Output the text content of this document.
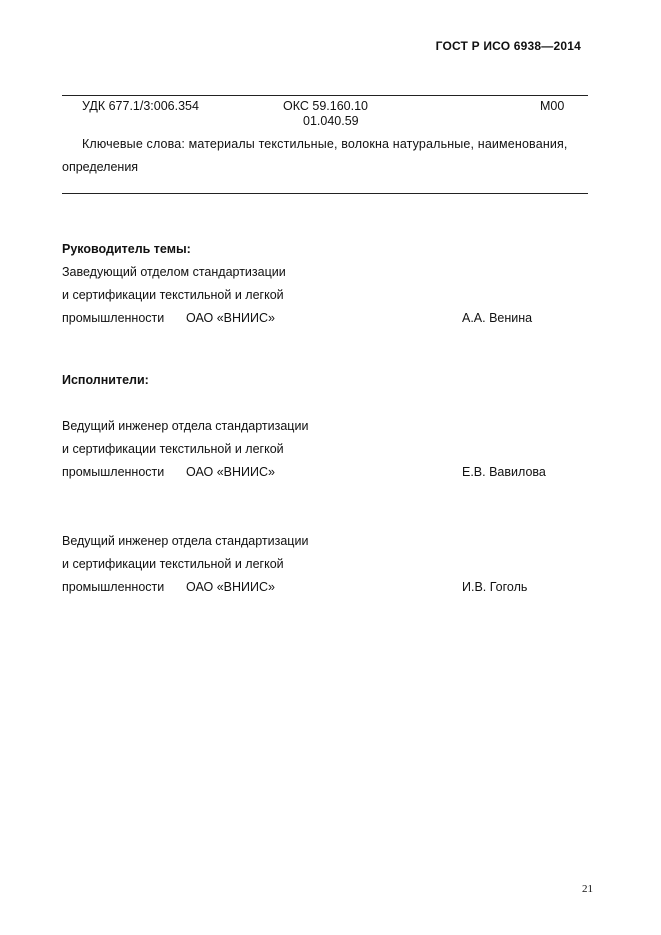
ГОСТ Р ИСО 6938—2014
УДК 677.1/3:006.354	ОКС 59.160.10
01.040.59
М00
Ключевые слова: материалы текстильные, волокна натуральные, наименования,
определения
Руководитель темы:
Заведующий отделом стандартизации
и сертификации текстильной и легкой
промышленности ОАО «ВНИИС»	А.А. Венина
Исполнители:
Ведущий инженер отдела стандартизации
и сертификации текстильной и легкой
промышленности ОАО «ВНИИС»	Е.В. Вавилова
Ведущий инженер отдела стандартизации
и сертификации текстильной и легкой
промышленности ОАО «ВНИИС»	И.В. Гоголь
21
